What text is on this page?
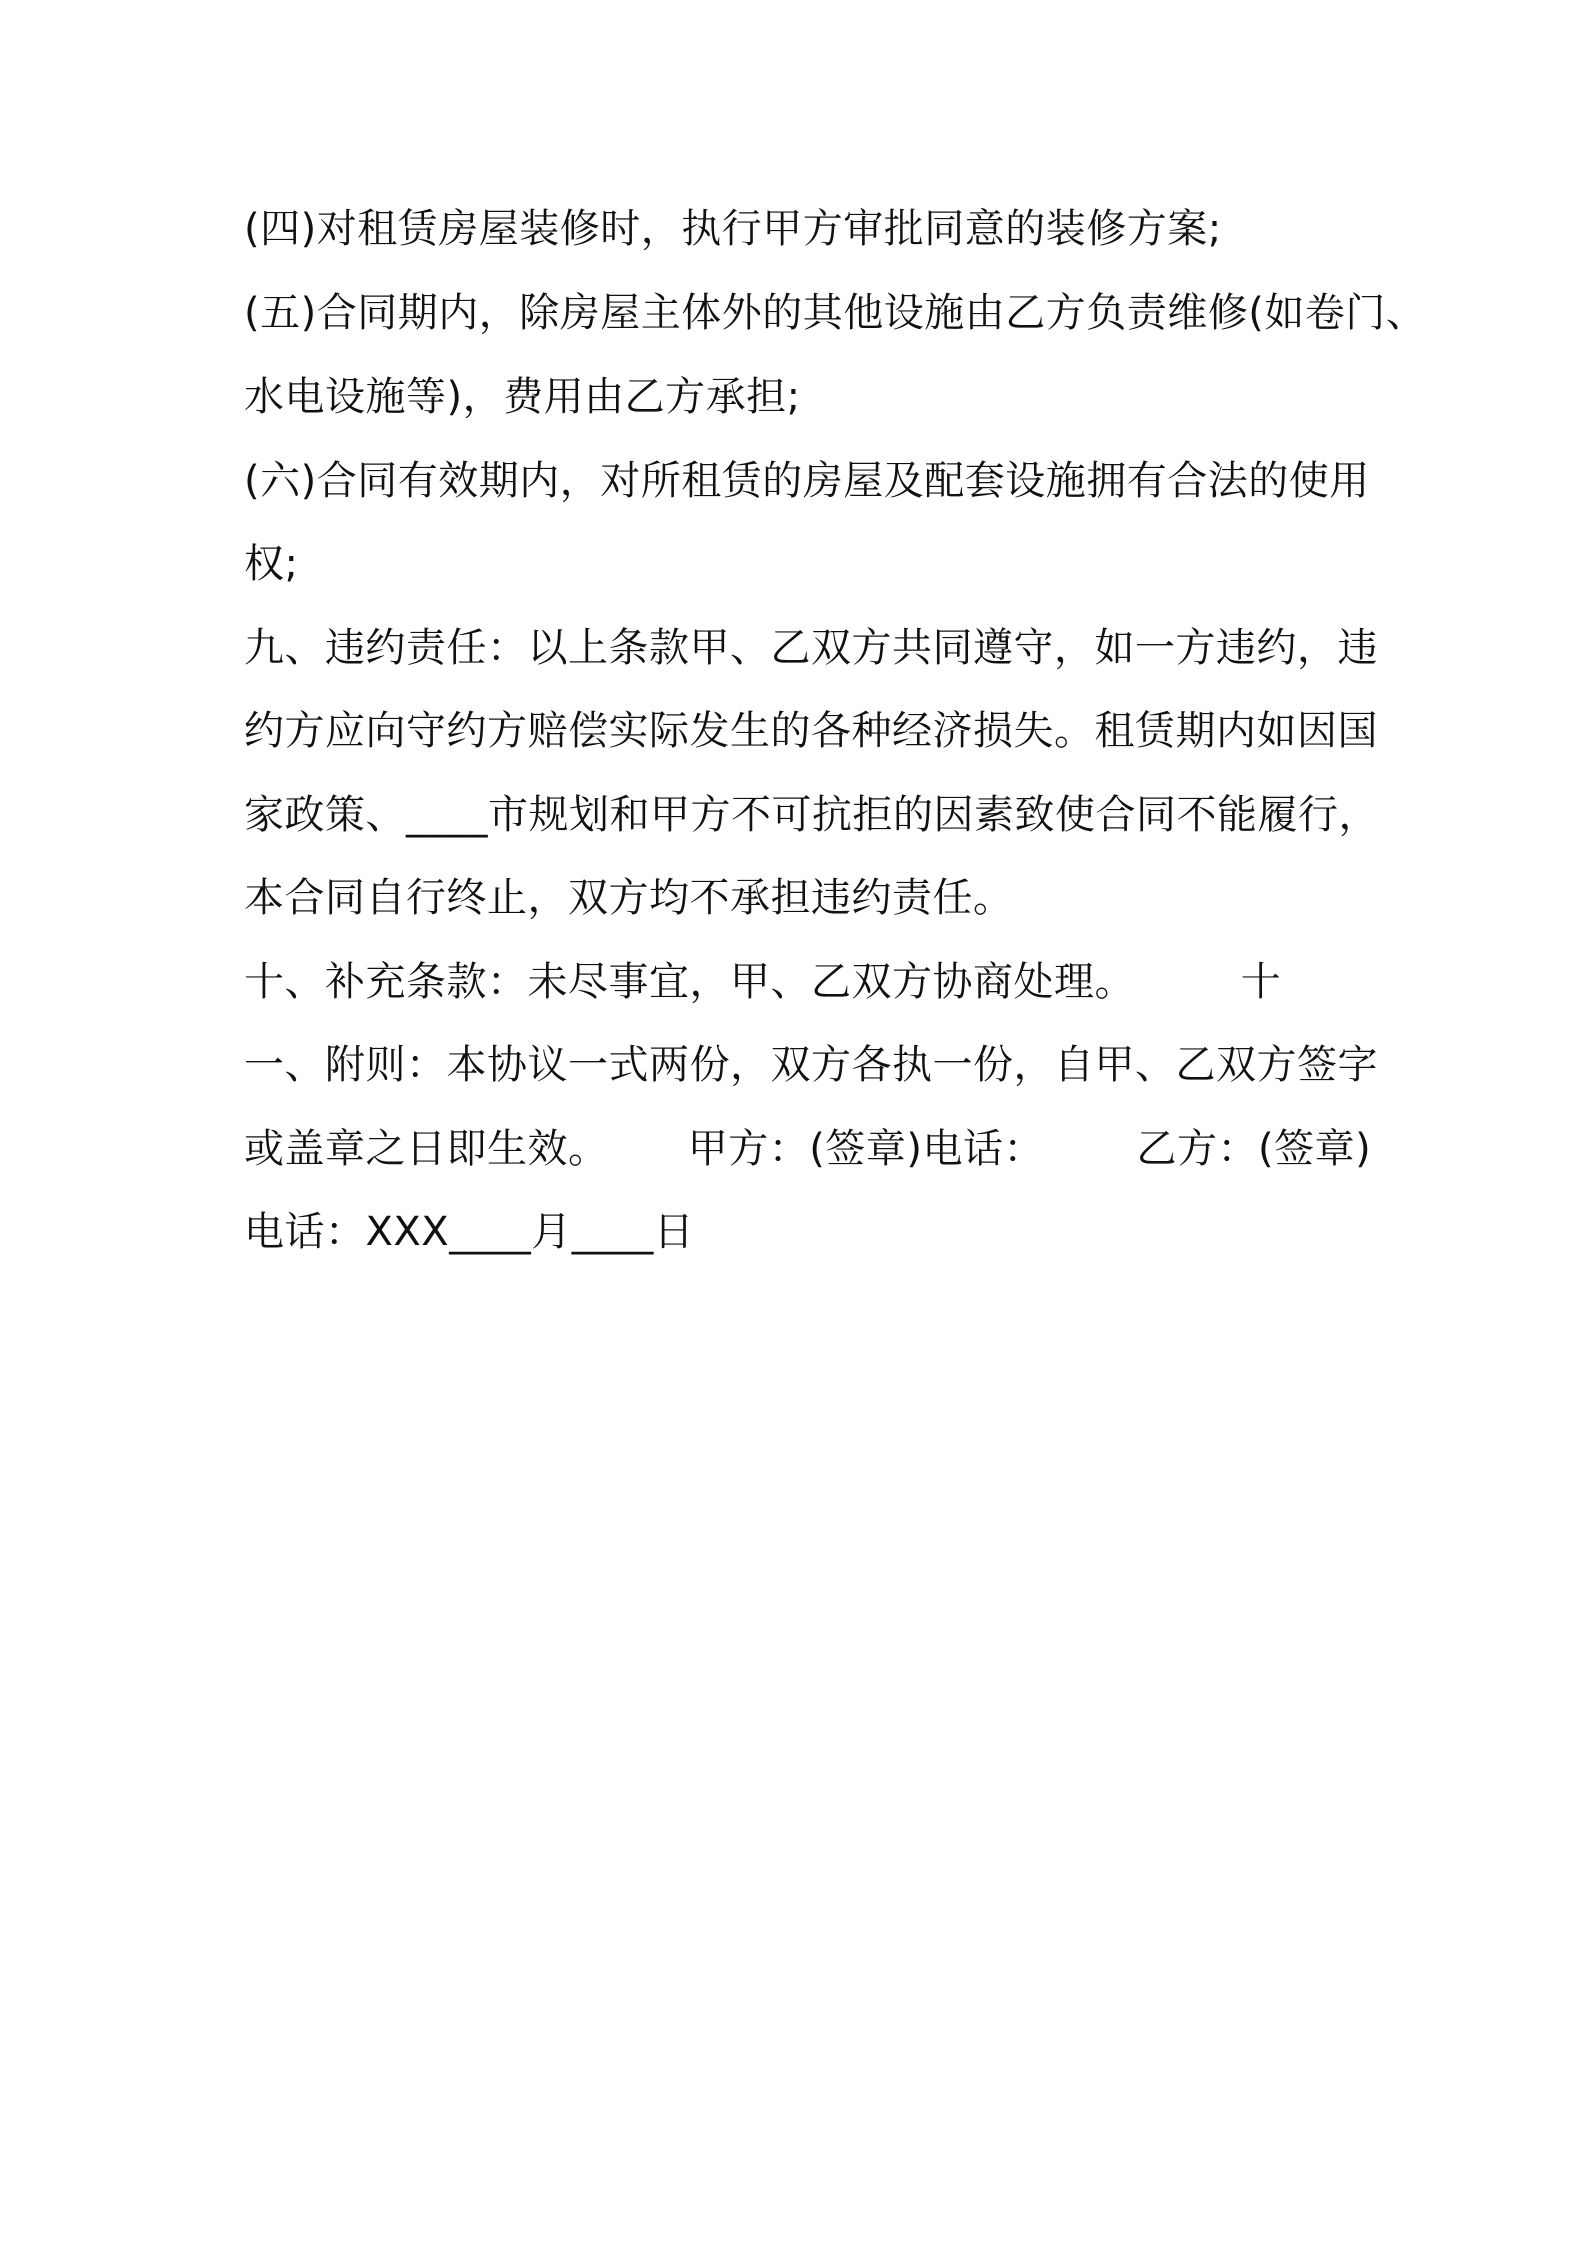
(四)对租赁房屋装修时，执行甲方审批同意的装修方案;

(五)合同期内，除房屋主体外的其他设施由乙方负责维修(如卷门、

水电设施等)，费用由乙方承担;

(六)合同有效期内，对所租赁的房屋及配套设施拥有合法的使用

权;

九、违约责任：以上条款甲、乙双方共同遵守，如一方违约，违

约方应向守约方赔偿实际发生的各种经济损失。租赁期内如因国

家政策、____市规划和甲方不可抗拒的因素致使合同不能履行，

本合同自行终止，双方均不承担违约责任。

十、补充条款：未尽事宜，甲、乙双方协商处理。        十

一、附则：本协议一式两份，双方各执一份，自甲、乙双方签字

或盖章之日即生效。      甲方：(签章)电话：       乙方：(签章)

电话：XXX____月____日
